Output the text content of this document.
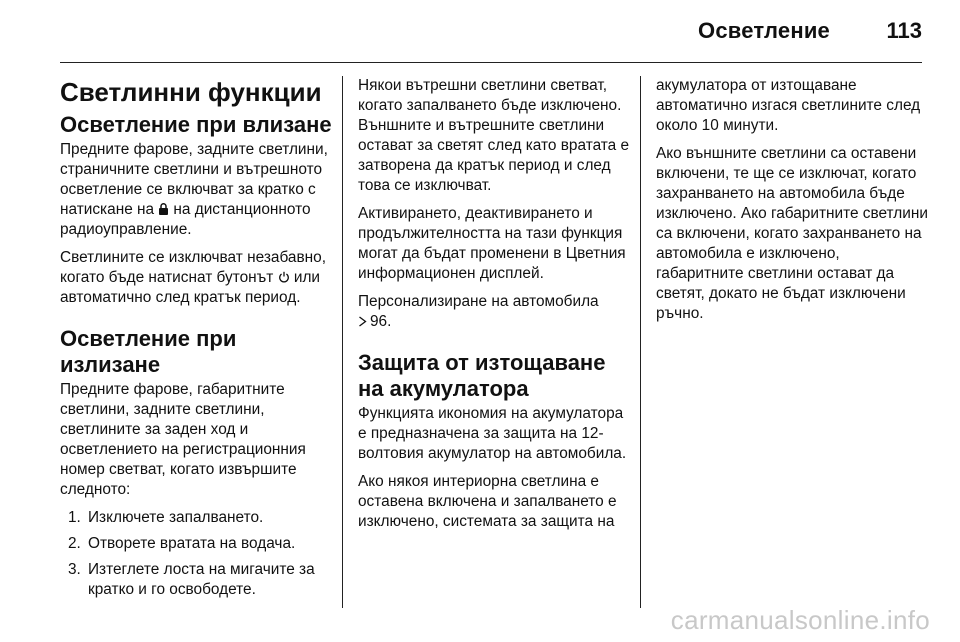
Осветление	113
Светлинни функции
Осветление при влизане

Предните фарове, задните светлини, страничните светлини и вътрешното осветление се включват за кратко с натискане на на дистанционното радиоуправление.

Светлините се изключват незабавно, когато бъде натиснат бутонът или автоматично след кратък период.

Осветление при излизане

Предните фарове, габаритните светлини, задните светлини, светлините за заден ход и осветлението на регистрационния номер светват, когато извършите следното:

1. Изключете запалването.
2. Отворете вратата на водача.
3. Изтеглете лоста на мигачите за кратко и го освободете.

Някои вътрешни светлини светват, когато запалването бъде изключено. Външните и вътрешните светлини остават за светят след като вратата е затворена да кратък период и след това се изключват.

Активирането, деактивирането и продължителността на тази функция могат да бъдат променени в Цветния информационен дисплей.

Персонализиране на автомобила
96.

Защита от изтощаване на акумулатора

Функцията икономия на акумулатора е предназначена за защита на 12-волтовия акумулатор на автомобила.

Ако някоя интериорна светлина е оставена включена и запалването е изключено, системата за защита на

акумулатора от изтощаване автоматично изгася светлините след около 10 минути.

Ако външните светлини са оставени включени, те ще се изключат, когато захранването на автомобила бъде изключено. Ако габаритните светлини са включени, когато захранването на автомобила е изключено, габаритните светлини остават да светят, докато не бъдат изключени ръчно.

carmanualsonline.info
